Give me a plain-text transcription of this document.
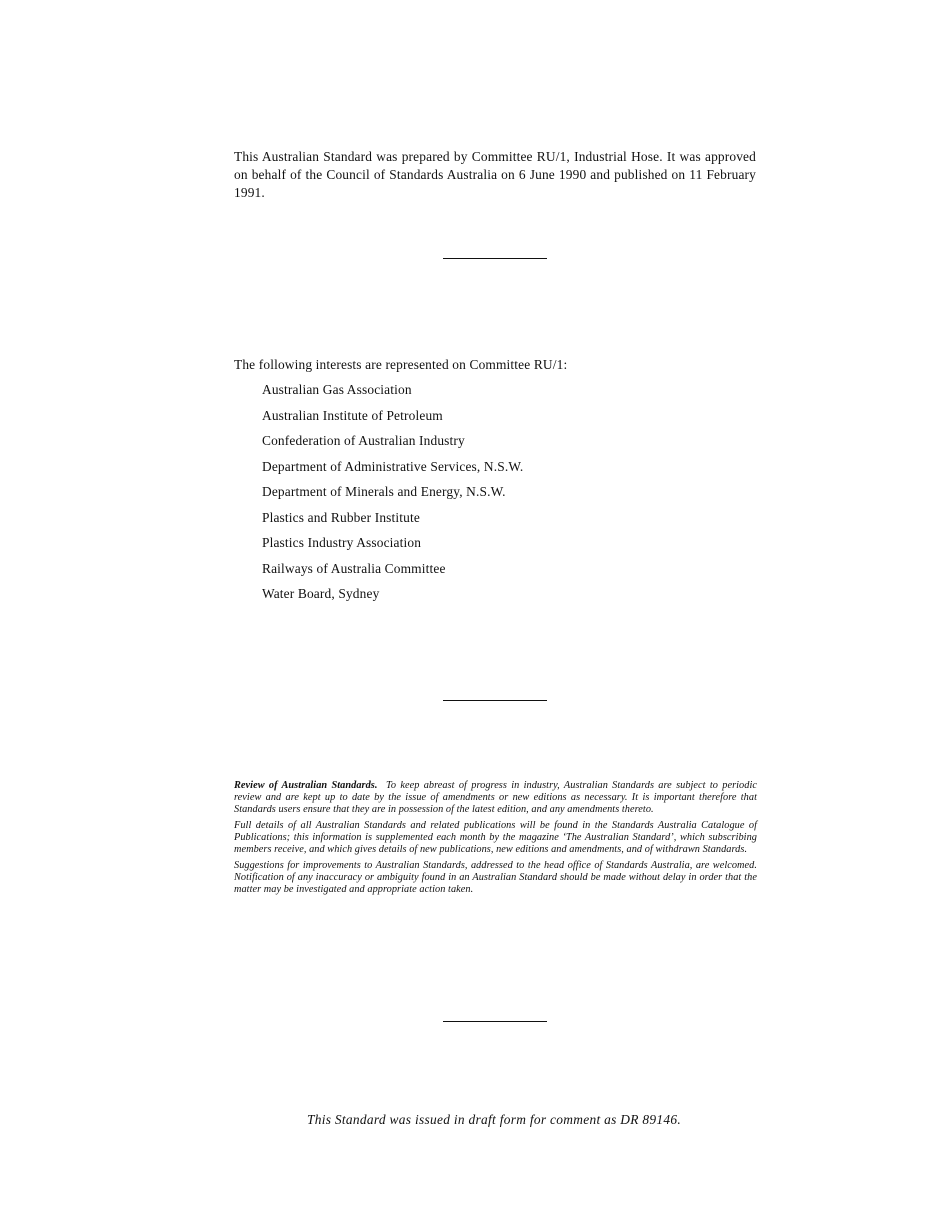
This Australian Standard was prepared by Committee RU/1, Industrial Hose. It was approved on behalf of the Council of Standards Australia on 6 June 1990 and published on 11 February 1991.

The following interests are represented on Committee RU/1:

Australian Gas Association
Australian Institute of Petroleum
Confederation of Australian Industry
Department of Administrative Services, N.S.W.
Department of Minerals and Energy, N.S.W.
Plastics and Rubber Institute
Plastics Industry Association
Railways of Australia Committee
Water Board, Sydney

Review of Australian Standards. To keep abreast of progress in industry, Australian Standards are subject to periodic review and are kept up to date by the issue of amendments or new editions as necessary. It is important therefore that Standards users ensure that they are in possession of the latest edition, and any amendments thereto.

Full details of all Australian Standards and related publications will be found in the Standards Australia Catalogue of Publications; this information is supplemented each month by the magazine ‘The Australian Standard’, which subscribing members receive, and which gives details of new publications, new editions and amendments, and of withdrawn Standards.

Suggestions for improvements to Australian Standards, addressed to the head office of Standards Australia, are welcomed. Notification of any inaccuracy or ambiguity found in an Australian Standard should be made without delay in order that the matter may be investigated and appropriate action taken.

This Standard was issued in draft form for comment as DR 89146.
